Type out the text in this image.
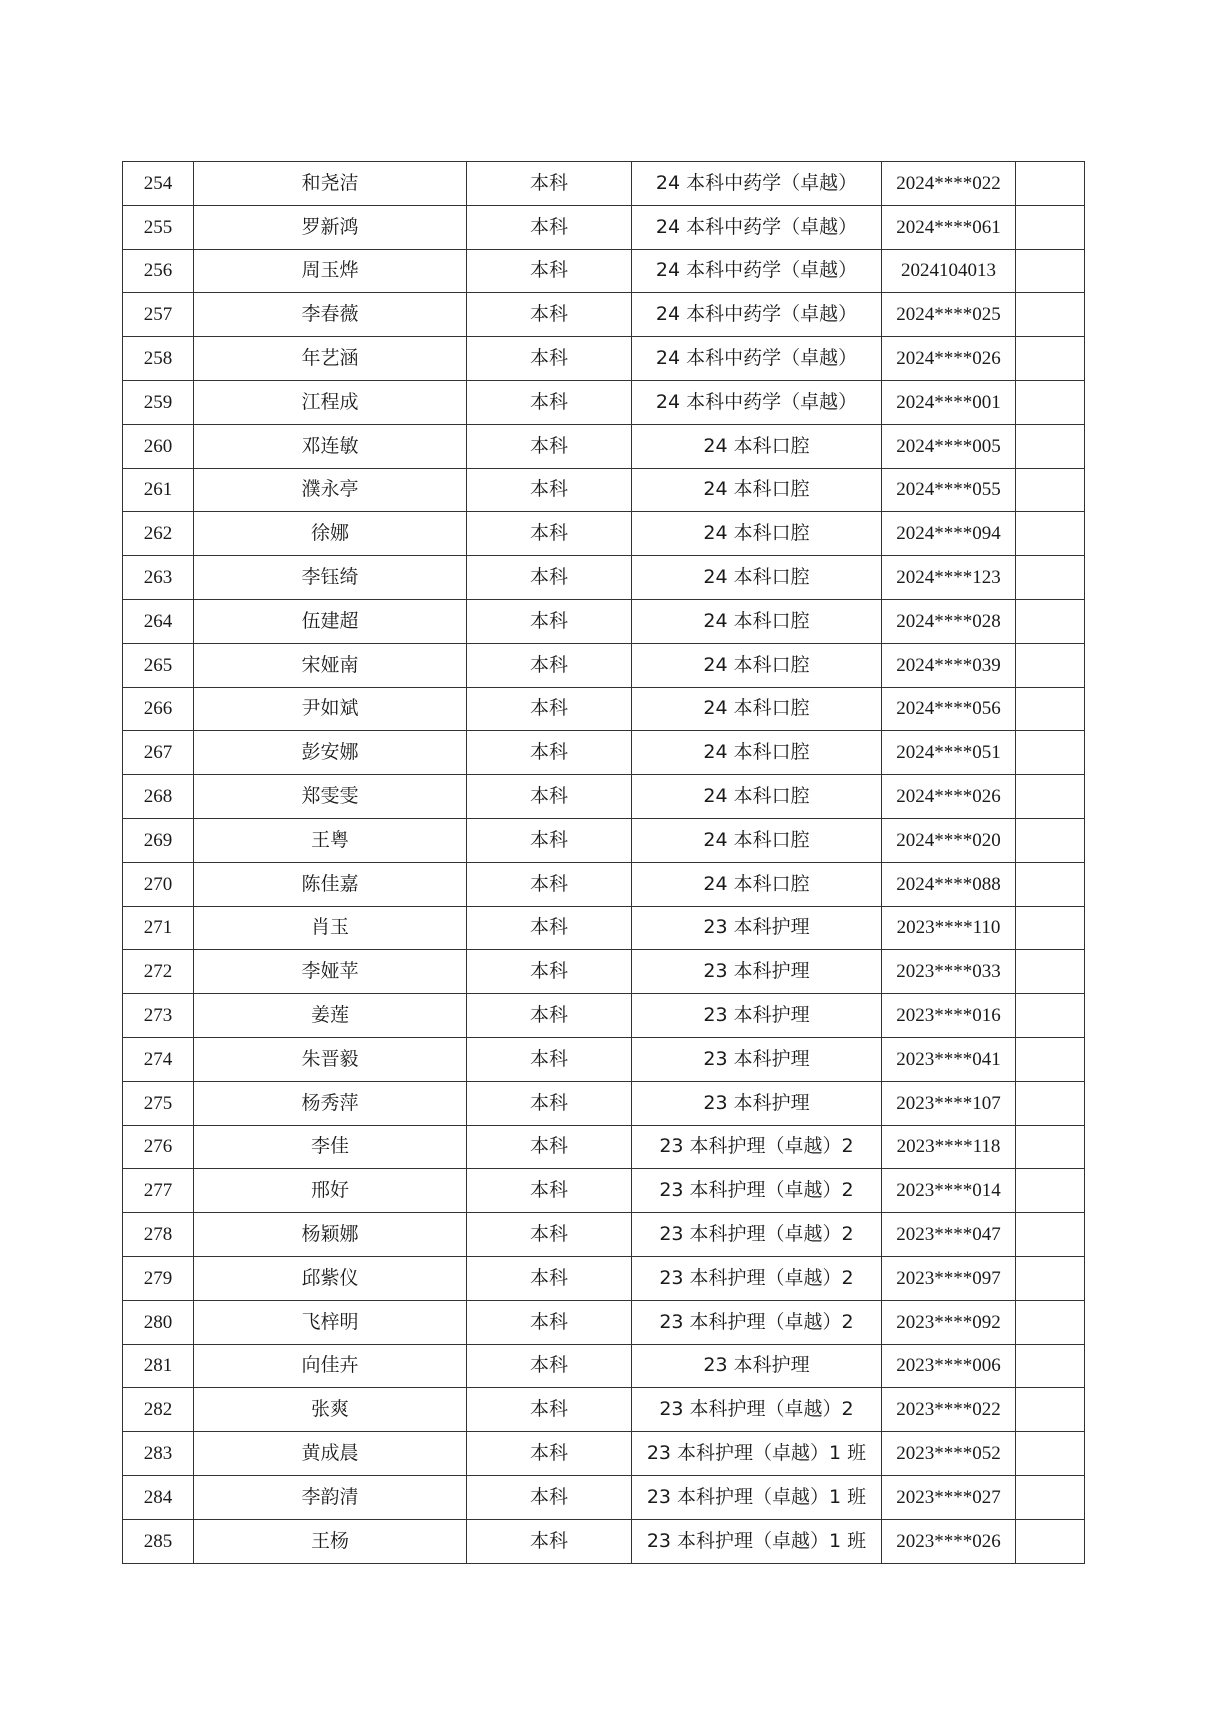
254	和尧洁	本科	24 本科中药学（卓越）	2024****022	
255	罗新鸿	本科	24 本科中药学（卓越）	2024****061	
256	周玉烨	本科	24 本科中药学（卓越）	2024104013	
257	李春薇	本科	24 本科中药学（卓越）	2024****025	
258	年艺涵	本科	24 本科中药学（卓越）	2024****026	
259	江程成	本科	24 本科中药学（卓越）	2024****001	
260	邓连敏	本科	24 本科口腔	2024****005	
261	濮永亭	本科	24 本科口腔	2024****055	
262	徐娜	本科	24 本科口腔	2024****094	
263	李钰绮	本科	24 本科口腔	2024****123	
264	伍建超	本科	24 本科口腔	2024****028	
265	宋娅南	本科	24 本科口腔	2024****039	
266	尹如斌	本科	24 本科口腔	2024****056	
267	彭安娜	本科	24 本科口腔	2024****051	
268	郑雯雯	本科	24 本科口腔	2024****026	
269	王粤	本科	24 本科口腔	2024****020	
270	陈佳嘉	本科	24 本科口腔	2024****088	
271	肖玉	本科	23 本科护理	2023****110	
272	李娅苹	本科	23 本科护理	2023****033	
273	姜莲	本科	23 本科护理	2023****016	
274	朱晋毅	本科	23 本科护理	2023****041	
275	杨秀萍	本科	23 本科护理	2023****107	
276	李佳	本科	23 本科护理（卓越）2	2023****118	
277	邢好	本科	23 本科护理（卓越）2	2023****014	
278	杨颖娜	本科	23 本科护理（卓越）2	2023****047	
279	邱紫仪	本科	23 本科护理（卓越）2	2023****097	
280	飞梓明	本科	23 本科护理（卓越）2	2023****092	
281	向佳卉	本科	23 本科护理	2023****006	
282	张爽	本科	23 本科护理（卓越）2	2023****022	
283	黄成晨	本科	23 本科护理（卓越）1 班	2023****052	
284	李韵清	本科	23 本科护理（卓越）1 班	2023****027	
285	王杨	本科	23 本科护理（卓越）1 班	2023****026	
